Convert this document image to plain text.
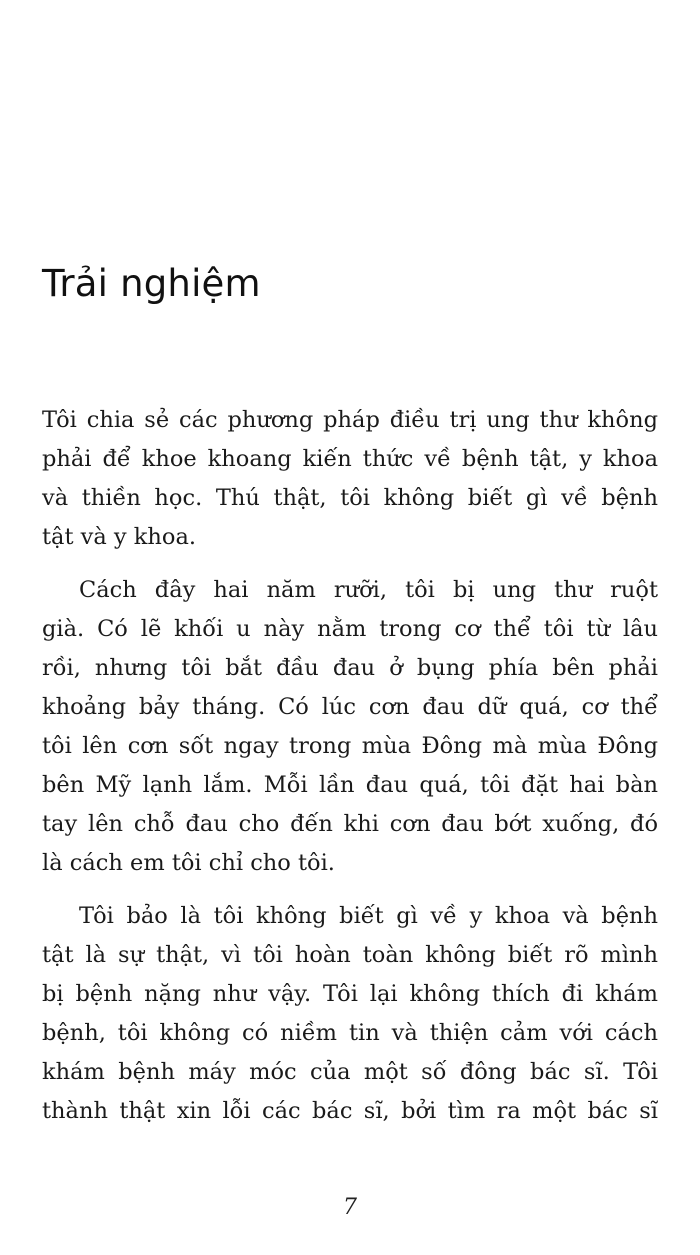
Trải nghiệm
Tôi chia sẻ các phương pháp điều trị ung thư không
phải để khoe khoang kiến thức về bệnh tật, y khoa
và thiền học. Thú thật, tôi không biết gì về bệnh
tật và y khoa.
Cách đây hai năm rưỡi, tôi bị ung thư ruột
già. Có lẽ khối u này nằm trong cơ thể tôi từ lâu
rồi, nhưng tôi bắt đầu đau ở bụng phía bên phải
khoảng bảy tháng. Có lúc cơn đau dữ quá, cơ thể
tôi lên cơn sốt ngay trong mùa Đông mà mùa Đông
bên Mỹ lạnh lắm. Mỗi lần đau quá, tôi đặt hai bàn
tay lên chỗ đau cho đến khi cơn đau bớt xuống, đó
là cách em tôi chỉ cho tôi.
Tôi bảo là tôi không biết gì về y khoa và bệnh
tật là sự thật, vì tôi hoàn toàn không biết rõ mình
bị bệnh nặng như vậy. Tôi lại không thích đi khám
bệnh, tôi không có niềm tin và thiện cảm với cách
khám bệnh máy móc của một số đông bác sĩ. Tôi
thành thật xin lỗi các bác sĩ, bởi tìm ra một bác sĩ
7
